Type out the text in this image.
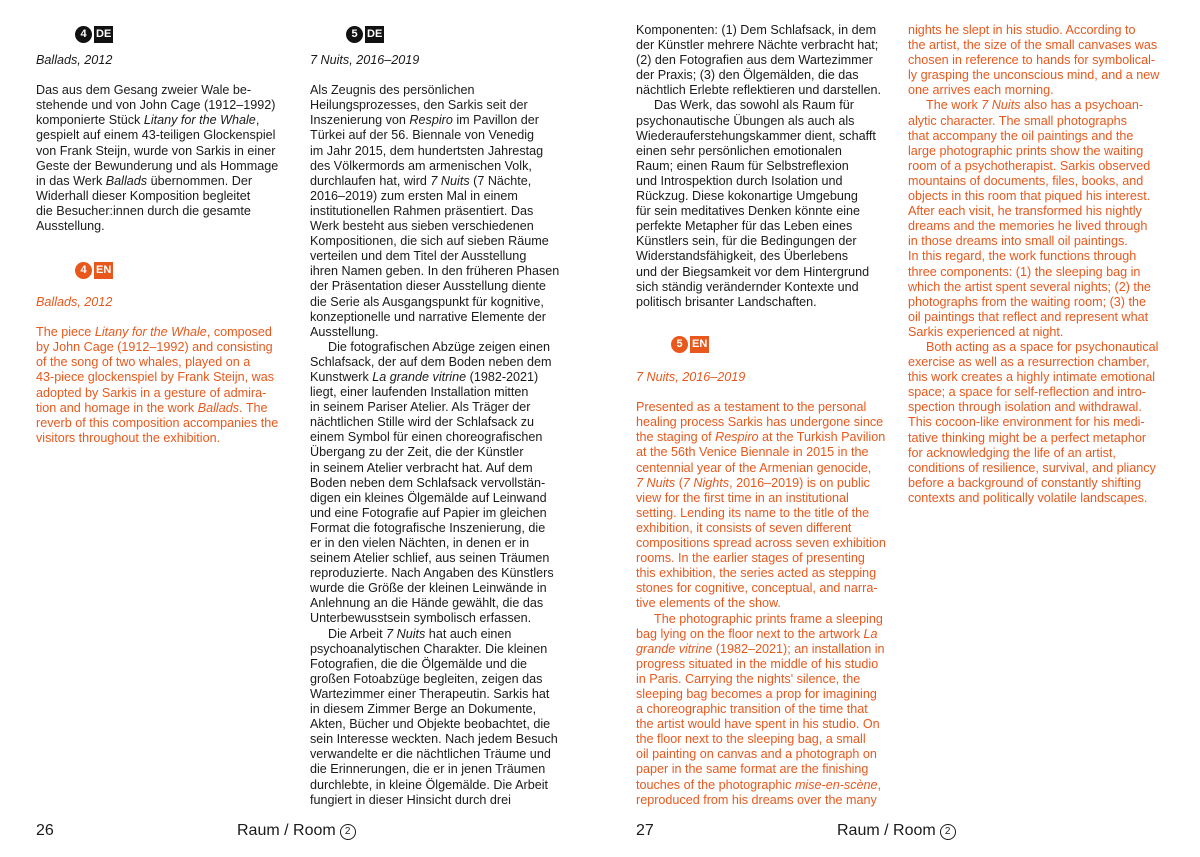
4 DE

Ballads, 2012

Das aus dem Gesang zweier Wale be-
stehende und von John Cage (1912–1992)
komponierte Stück Litany for the Whale,
gespielt auf einem 43-teiligen Glockenspiel
von Frank Steijn, wurde von Sarkis in einer
Geste der Bewunderung und als Hommage
in das Werk Ballads übernommen. Der
Widerhall dieser Komposition begleitet
die Besucher:innen durch die gesamte
Ausstellung.
4 EN

Ballads, 2012

The piece Litany for the Whale, composed
by John Cage (1912–1992) and consisting
of the song of two whales, played on a
43-piece glockenspiel by Frank Steijn, was
adopted by Sarkis in a gesture of admira-
tion and homage in the work Ballads. The
reverb of this composition accompanies the
visitors throughout the exhibition.
5 DE

7 Nuits, 2016–2019

Als Zeugnis des persönlichen
Heilungsprozesses, den Sarkis seit der
Inszenierung von Respiro im Pavillon der
Türkei auf der 56. Biennale von Venedig
im Jahr 2015, dem hundertsten Jahrestag
des Völkermords am armenischen Volk,
durchlaufen hat, wird 7 Nuits (7 Nächte,
2016–2019) zum ersten Mal in einem
institutionellen Rahmen präsentiert. Das
Werk besteht aus sieben verschiedenen
Kompositionen, die sich auf sieben Räume
verteilen und dem Titel der Ausstellung
ihren Namen geben. In den früheren Phasen
der Präsentation dieser Ausstellung diente
die Serie als Ausgangspunkt für kognitive,
konzeptionelle und narrative Elemente der
Ausstellung.
Die fotografischen Abzüge zeigen einen
Schlafsack, der auf dem Boden neben dem
Kunstwerk La grande vitrine (1982-2021)
liegt, einer laufenden Installation mitten
in seinem Pariser Atelier. Als Träger der
nächtlichen Stille wird der Schlafsack zu
einem Symbol für einen choreografischen
Übergang zu der Zeit, die der Künstler
in seinem Atelier verbracht hat. Auf dem
Boden neben dem Schlafsack vervollstän-
digen ein kleines Ölgemälde auf Leinwand
und eine Fotografie auf Papier im gleichen
Format die fotografische Inszenierung, die
er in den vielen Nächten, in denen er in
seinem Atelier schlief, aus seinen Träumen
reproduzierte. Nach Angaben des Künstlers
wurde die Größe der kleinen Leinwände in
Anlehnung an die Hände gewählt, die das
Unterbewusstsein symbolisch erfassen.
Die Arbeit 7 Nuits hat auch einen
psychoanalytischen Charakter. Die kleinen
Fotografien, die die Ölgemälde und die
großen Fotoabzüge begleiten, zeigen das
Wartezimmer einer Therapeutin. Sarkis hat
in diesem Zimmer Berge an Dokumente,
Akten, Bücher und Objekte beobachtet, die
sein Interesse weckten. Nach jedem Besuch
verwandelte er die nächtlichen Träume und
die Erinnerungen, die er in jenen Träumen
durchlebte, in kleine Ölgemälde. Die Arbeit
fungiert in dieser Hinsicht durch drei
26	Raum / Room 2
Komponenten: (1) Dem Schlafsack, in dem
der Künstler mehrere Nächte verbracht hat;
(2) den Fotografien aus dem Wartezimmer
der Praxis; (3) den Ölgemälden, die das
nächtlich Erlebte reflektieren und darstellen.
Das Werk, das sowohl als Raum für
psychonautische Übungen als auch als
Wiederauferstehungskammer dient, schafft
einen sehr persönlichen emotionalen
Raum; einen Raum für Selbstreflexion
und Introspektion durch Isolation und
Rückzug. Diese kokonartige Umgebung
für sein meditatives Denken könnte eine
perfekte Metapher für das Leben eines
Künstlers sein, für die Bedingungen der
Widerstandsfähigkeit, des Überlebens
und der Biegsamkeit vor dem Hintergrund
sich ständig verändernder Kontexte und
politisch brisanter Landschaften.
5 EN

7 Nuits, 2016–2019

Presented as a testament to the personal
healing process Sarkis has undergone since
the staging of Respiro at the Turkish Pavilion
at the 56th Venice Biennale in 2015 in the
centennial year of the Armenian genocide,
7 Nuits (7 Nights, 2016–2019) is on public
view for the first time in an institutional
setting. Lending its name to the title of the
exhibition, it consists of seven different
compositions spread across seven exhibition
rooms. In the earlier stages of presenting
this exhibition, the series acted as stepping
stones for cognitive, conceptual, and narra-
tive elements of the show.
The photographic prints frame a sleeping
bag lying on the floor next to the artwork La
grande vitrine (1982–2021); an installation in
progress situated in the middle of his studio
in Paris. Carrying the nights' silence, the
sleeping bag becomes a prop for imagining
a choreographic transition of the time that
the artist would have spent in his studio. On
the floor next to the sleeping bag, a small
oil painting on canvas and a photograph on
paper in the same format are the finishing
touches of the photographic mise-en-scène,
reproduced from his dreams over the many
nights he slept in his studio. According to
the artist, the size of the small canvases was
chosen in reference to hands for symbolical-
ly grasping the unconscious mind, and a new
one arrives each morning.
The work 7 Nuits also has a psychoan-
alytic character. The small photographs
that accompany the oil paintings and the
large photographic prints show the waiting
room of a psychotherapist. Sarkis observed
mountains of documents, files, books, and
objects in this room that piqued his interest.
After each visit, he transformed his nightly
dreams and the memories he lived through
in those dreams into small oil paintings.
In this regard, the work functions through
three components: (1) the sleeping bag in
which the artist spent several nights; (2) the
photographs from the waiting room; (3) the
oil paintings that reflect and represent what
Sarkis experienced at night.
Both acting as a space for psychonautical
exercise as well as a resurrection chamber,
this work creates a highly intimate emotional
space; a space for self-reflection and intro-
spection through isolation and withdrawal.
This cocoon-like environment for his medi-
tative thinking might be a perfect metaphor
for acknowledging the life of an artist,
conditions of resilience, survival, and pliancy
before a background of constantly shifting
contexts and politically volatile landscapes.
27	Raum / Room 2
